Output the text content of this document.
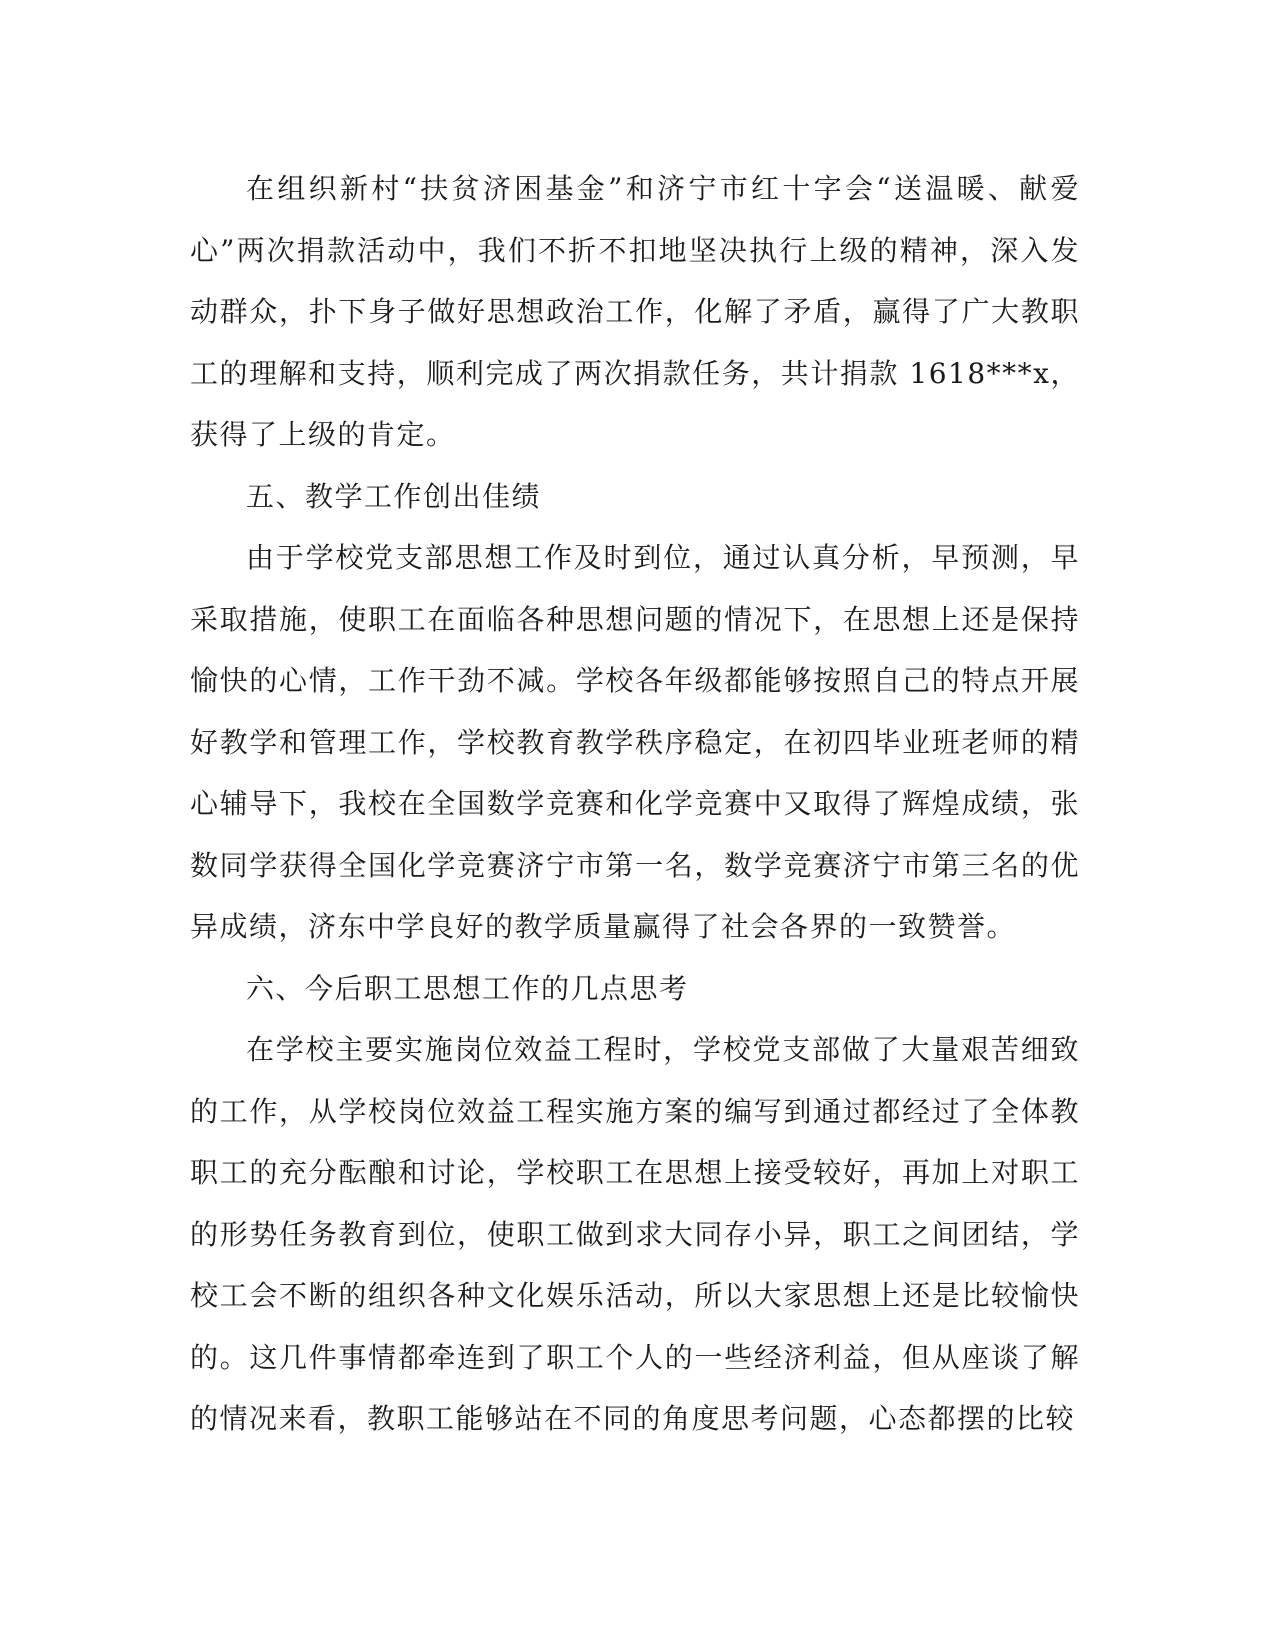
在组织新村“扶贫济困基金”和济宁市红十字会“送温暖、献爱心”两次捐款活动中，我们不折不扣地坚决执行上级的精神，深入发动群众，扑下身子做好思想政治工作，化解了矛盾，赢得了广大教职工的理解和支持，顺利完成了两次捐款任务，共计捐款 1618***x，获得了上级的肯定。

五、教学工作创出佳绩

由于学校党支部思想工作及时到位，通过认真分析，早预测，早采取措施，使职工在面临各种思想问题的情况下，在思想上还是保持愉快的心情，工作干劲不减。学校各年级都能够按照自己的特点开展好教学和管理工作，学校教育教学秩序稳定，在初四毕业班老师的精心辅导下，我校在全国数学竞赛和化学竞赛中又取得了辉煌成绩，张数同学获得全国化学竞赛济宁市第一名，数学竞赛济宁市第三名的优异成绩，济东中学良好的教学质量赢得了社会各界的一致赞誉。

六、今后职工思想工作的几点思考

在学校主要实施岗位效益工程时，学校党支部做了大量艰苦细致的工作，从学校岗位效益工程实施方案的编写到通过都经过了全体教职工的充分酝酿和讨论，学校职工在思想上接受较好，再加上对职工的形势任务教育到位，使职工做到求大同存小异，职工之间团结，学校工会不断的组织各种文化娱乐活动，所以大家思想上还是比较愉快的。这几件事情都牵连到了职工个人的一些经济利益，但从座谈了解的情况来看，教职工能够站在不同的角度思考问题，心态都摆的比较
